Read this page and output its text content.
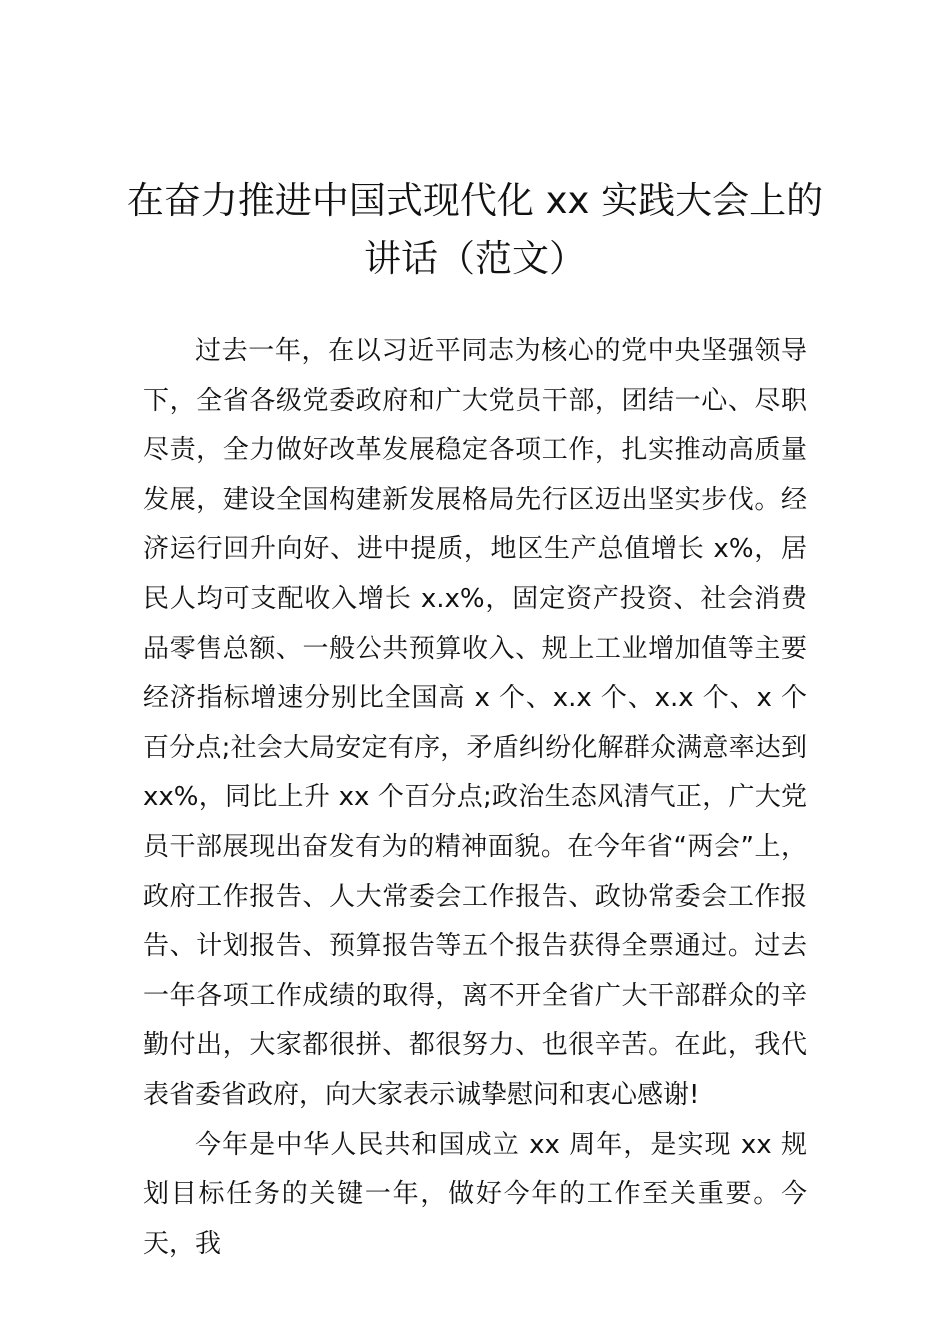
在奋力推进中国式现代化 xx 实践大会上的讲话（范文）

过去一年，在以习近平同志为核心的党中央坚强领导下，全省各级党委政府和广大党员干部，团结一心、尽职尽责，全力做好改革发展稳定各项工作，扎实推动高质量发展，建设全国构建新发展格局先行区迈出坚实步伐。经济运行回升向好、进中提质，地区生产总值增长 x%，居民人均可支配收入增长 x.x%，固定资产投资、社会消费品零售总额、一般公共预算收入、规上工业增加值等主要经济指标增速分别比全国高 x 个、x.x 个、x.x 个、x 个百分点;社会大局安定有序，矛盾纠纷化解群众满意率达到 xx%，同比上升 xx 个百分点;政治生态风清气正，广大党员干部展现出奋发有为的精神面貌。在今年省“两会”上，政府工作报告、人大常委会工作报告、政协常委会工作报告、计划报告、预算报告等五个报告获得全票通过。过去一年各项工作成绩的取得，离不开全省广大干部群众的辛勤付出，大家都很拼、都很努力、也很辛苦。在此，我代表省委省政府，向大家表示诚挚慰问和衷心感谢!

今年是中华人民共和国成立 xx 周年，是实现 xx 规划目标任务的关键一年，做好今年的工作至关重要。今天，我
